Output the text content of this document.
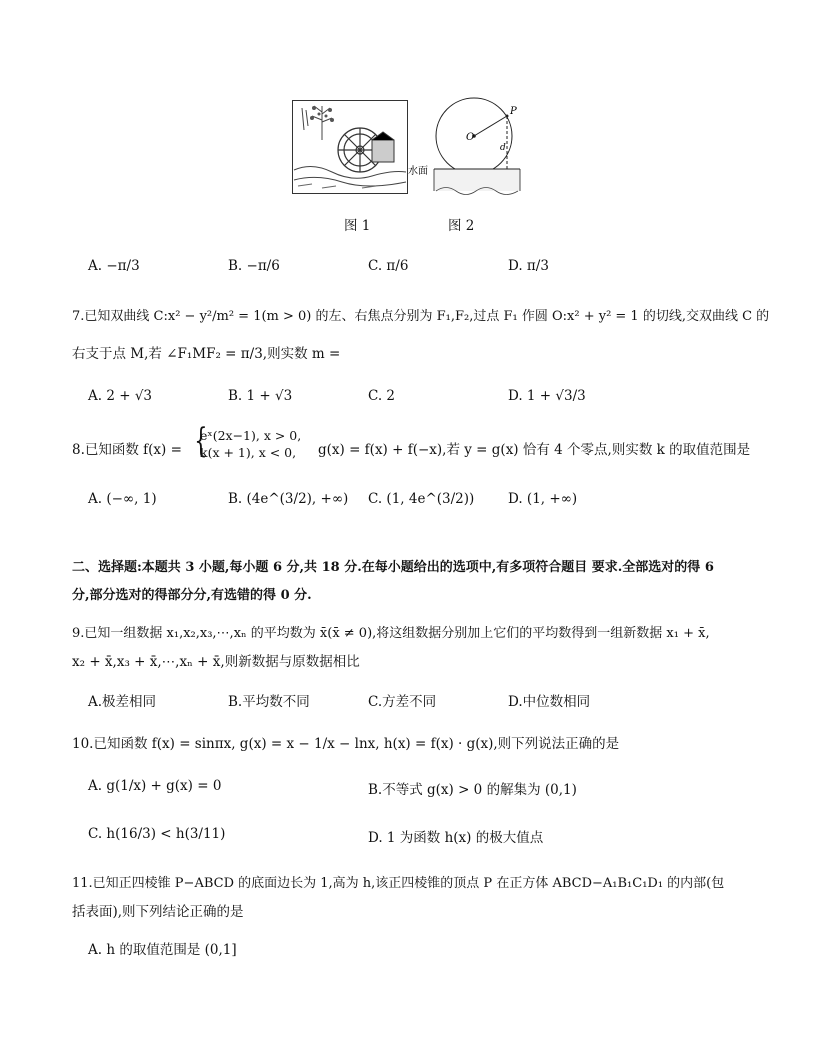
P
O
d
水面
图 1	图 2
A. −π/3	B. −π/6	C. π/6	D. π/3
7.已知双曲线 C:x² − y²/m² = 1(m > 0) 的左、右焦点分别为 F₁,F₂,过点 F₁ 作圆 O:x² + y² = 1 的切线,交双曲线 C 的
右支于点 M,若 ∠F₁MF₂ = π/3,则实数 m =
A. 2 + √3	B. 1 + √3	C. 2	D. 1 + √3/3
8.已知函数 f(x) = {
eˣ(2x−1), x > 0,
k(x + 1), x < 0, g(x) = f(x) + f(−x),若 y = g(x) 恰有 4 个零点,则实数 k 的取值范围是
A. (−∞, 1)	B. (4e^(3/2), +∞) C. (1, 4e^(3/2)) D. (1, +∞)
二、选择题:本题共 3 小题,每小题 6 分,共 18 分.在每小题给出的选项中,有多项符合题目 要求.全部选对的得 6
分,部分选对的得部分分,有选错的得 0 分.
9.已知一组数据 x₁,x₂,x₃,⋯,xₙ 的平均数为 x̄(x̄ ≠ 0),将这组数据分别加上它们的平均数得到一组新数据 x₁ + x̄,
x₂ + x̄,x₃ + x̄,⋯,xₙ + x̄,则新数据与原数据相比
A.极差相同	B.平均数不同	C.方差不同	D.中位数相同
10.已知函数 f(x) = sinπx, g(x) = x − 1/x − lnx, h(x) = f(x) · g(x),则下列说法正确的是
A. g(1/x) + g(x) = 0	B.不等式 g(x) > 0 的解集为 (0,1)
C. h(16/3) < h(3/11)	D. 1 为函数 h(x) 的极大值点
11.已知正四棱锥 P−ABCD 的底面边长为 1,高为 h,该正四棱锥的顶点 P 在正方体 ABCD−A₁B₁C₁D₁ 的内部(包
括表面),则下列结论正确的是
A. h 的取值范围是 (0,1]
